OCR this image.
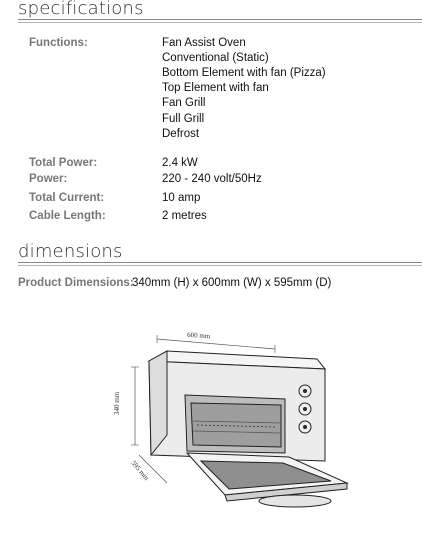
specifications
Functions:	Fan Assist Oven
Conventional (Static)
Bottom Element with fan (Pizza)
Top Element with fan
Fan Grill
Full Grill
Defrost
Total Power:	2.4 kW
Power:	220 - 240 volt/50Hz
Total Current:	10 amp
Cable Length:	2 metres
dimensions
Product Dimensions:
340mm (H) x 600mm (W) x 595mm (D)
600 mm
340 mm
595 mm
